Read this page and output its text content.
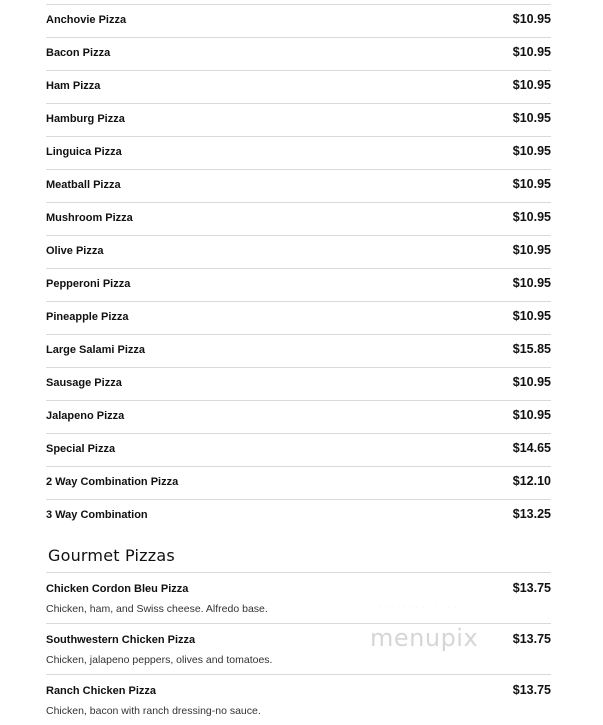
Anchovie Pizza	$10.95
Bacon Pizza	$10.95
Ham Pizza	$10.95
Hamburg Pizza	$10.95
Linguica Pizza	$10.95
Meatball Pizza	$10.95
Mushroom Pizza	$10.95
Olive Pizza	$10.95
Pepperoni Pizza	$10.95
Pineapple Pizza	$10.95
Large Salami Pizza	$15.85
Sausage Pizza	$10.95
Jalapeno Pizza	$10.95
Special Pizza	$14.65
2 Way Combination Pizza	$12.10
3 Way Combination	$13.25
Gourmet Pizzas
· · · · · · · · · · · · · ·
menupix
Chicken Cordon Bleu Pizza	$13.75
Chicken, ham, and Swiss cheese. Alfredo base.
Southwestern Chicken Pizza	$13.75
Chicken, jalapeno peppers, olives and tomatoes.
Ranch Chicken Pizza	$13.75
Chicken, bacon with ranch dressing-no sauce.
